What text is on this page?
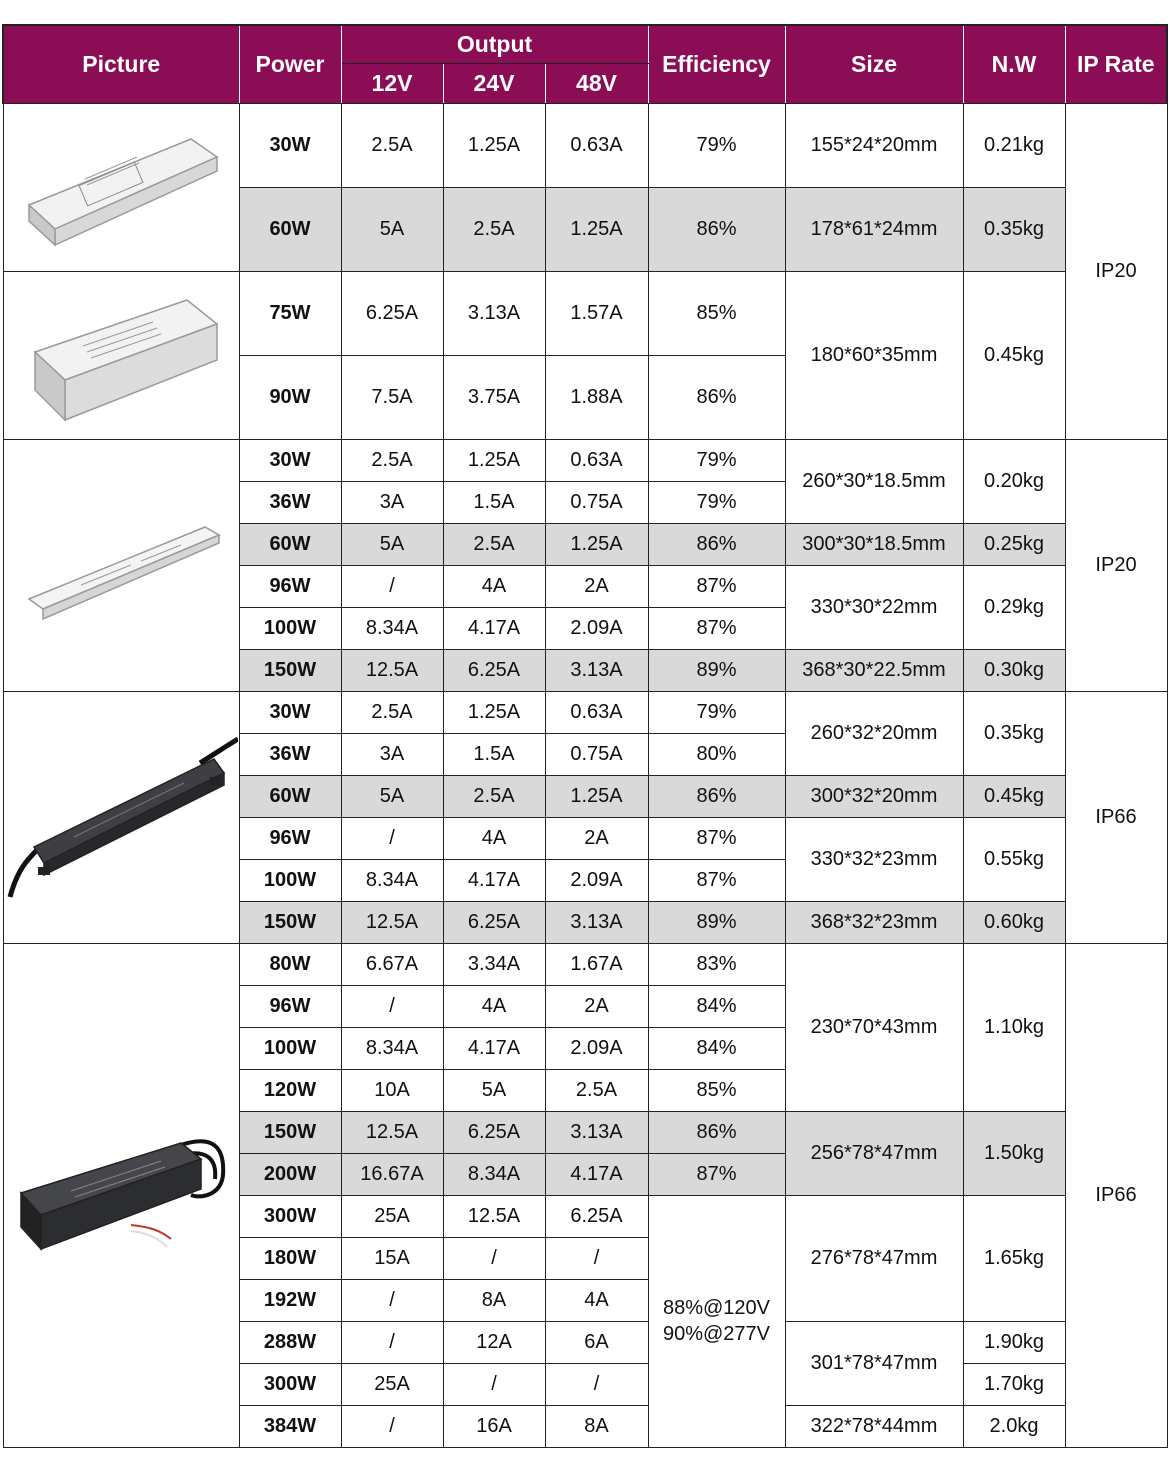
Picture	Power	Output			Efficiency	Size	N.W	IP Rate
		12V	24V	48V				

	30W	2.5A	1.25A	0.63A	79%	155*24*20mm	0.21kg	IP20
	60W	5A	2.5A	1.25A	86%	178*61*24mm	0.35kg	

	75W	6.25A	3.13A	1.57A	85%	180*60*35mm	0.45kg	
	90W	7.5A	3.75A	1.88A	86%			

	30W	2.5A	1.25A	0.63A	79%	260*30*18.5mm	0.20kg	IP20
	36W	3A	1.5A	0.75A	79%			
	60W	5A	2.5A	1.25A	86%	300*30*18.5mm	0.25kg	
	96W	/	4A	2A	87%	330*30*22mm	0.29kg	
	100W	8.34A	4.17A	2.09A	87%			
	150W	12.5A	6.25A	3.13A	89%	368*30*22.5mm	0.30kg	

	30W	2.5A	1.25A	0.63A	79%	260*32*20mm	0.35kg	IP66
	36W	3A	1.5A	0.75A	80%			
	60W	5A	2.5A	1.25A	86%	300*32*20mm	0.45kg	
	96W	/	4A	2A	87%	330*32*23mm	0.55kg	
	100W	8.34A	4.17A	2.09A	87%			
	150W	12.5A	6.25A	3.13A	89%	368*32*23mm	0.60kg	

	80W	6.67A	3.34A	1.67A	83%	230*70*43mm	1.10kg	IP66
	96W	/	4A	2A	84%			
	100W	8.34A	4.17A	2.09A	84%			
	120W	10A	5A	2.5A	85%			
	150W	12.5A	6.25A	3.13A	86%	256*78*47mm	1.50kg	
	200W	16.67A	8.34A	4.17A	87%			
	300W	25A	12.5A	6.25A	88%@120V
90%@277V	276*78*47mm	1.65kg	
	180W	15A	/	/				
	192W	/	8A	4A				
	288W	/	12A	6A		301*78*47mm	1.90kg	
	300W	25A	/	/			1.70kg	
	384W	/	16A	8A		322*78*44mm	2.0kg	
